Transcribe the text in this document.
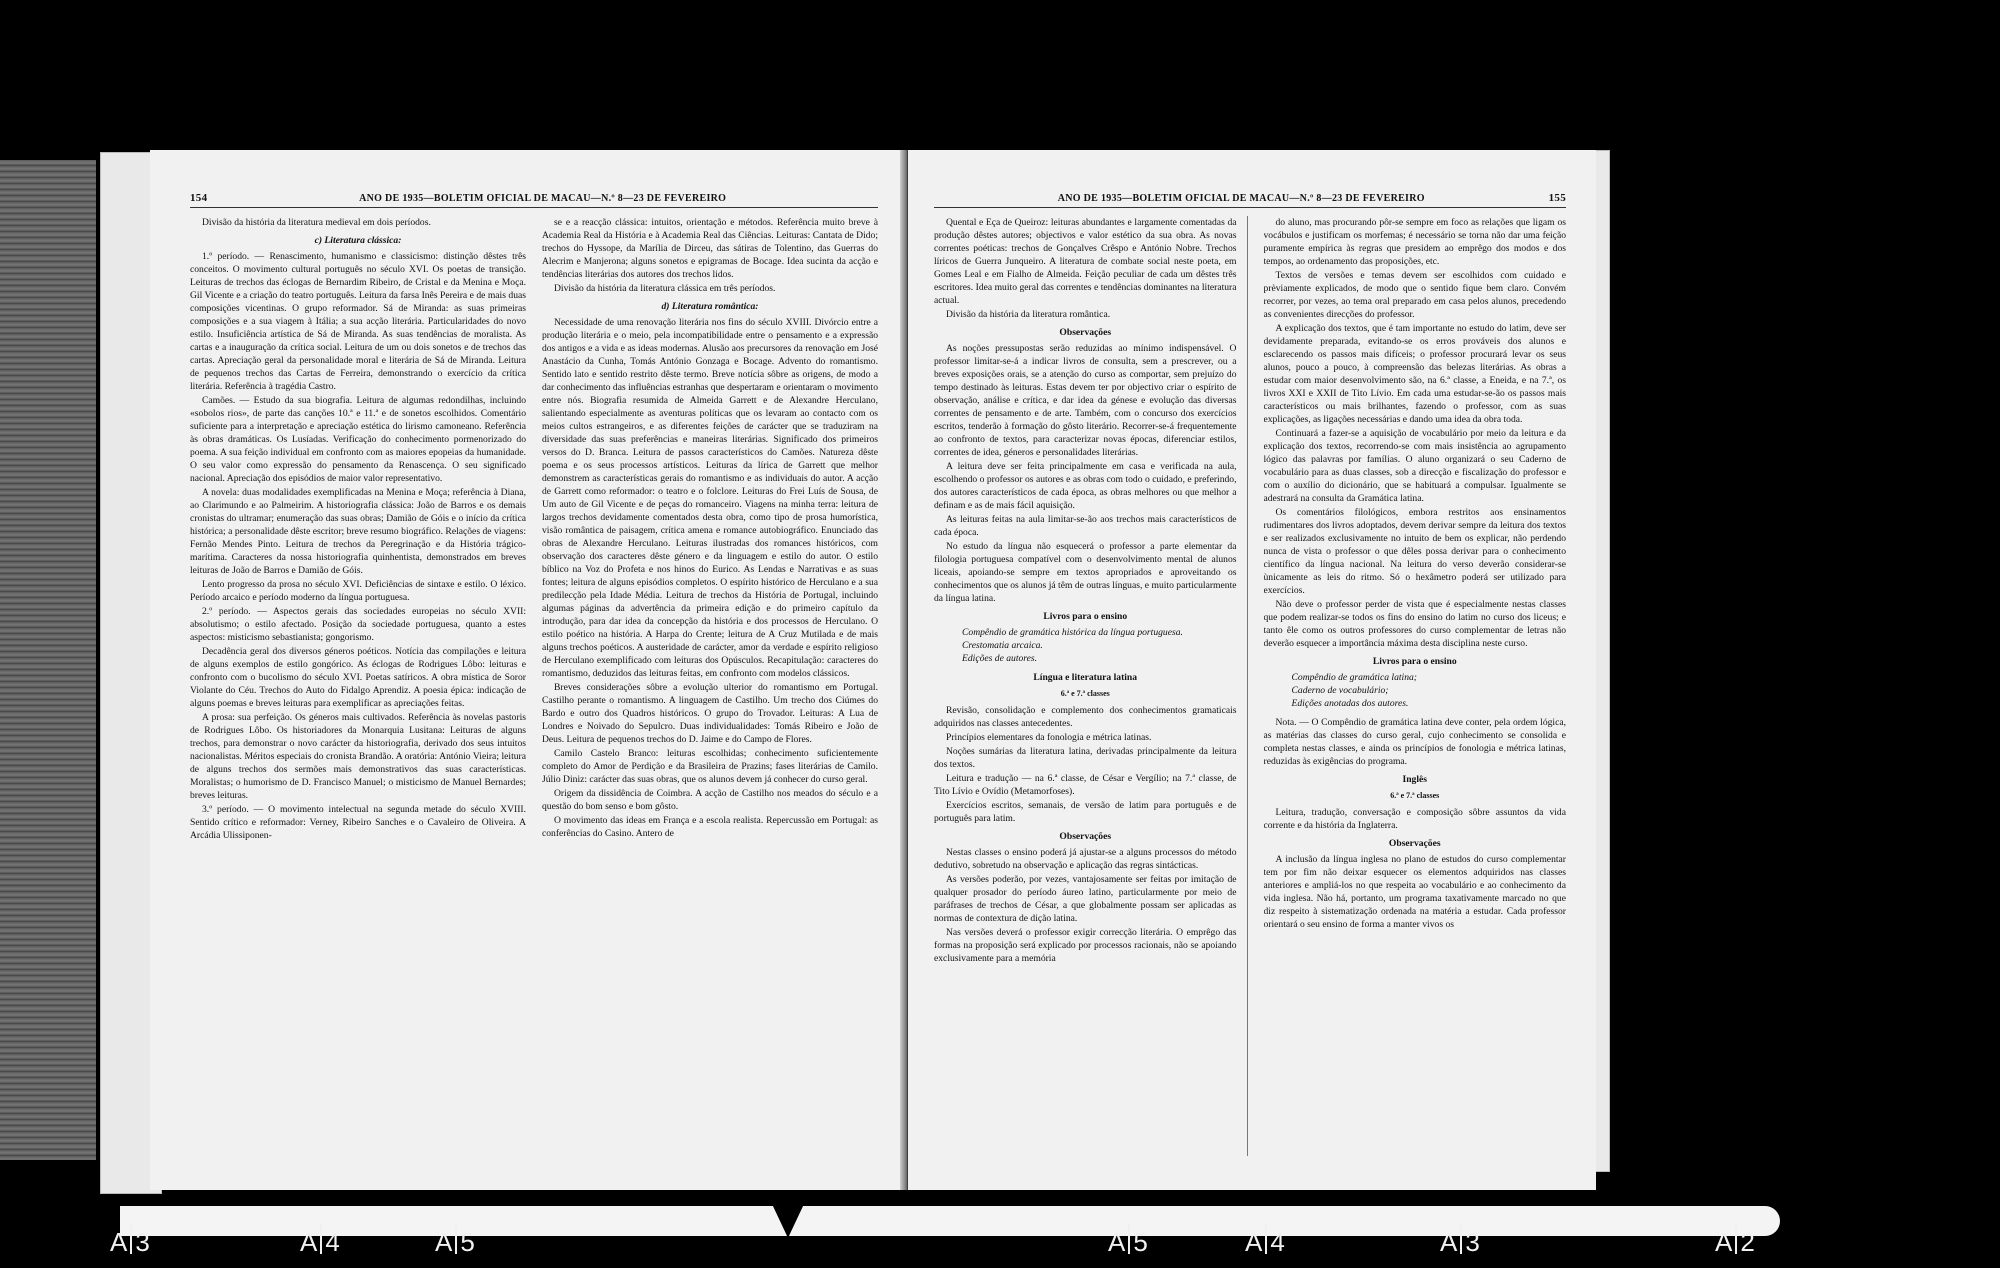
154	ANO DE 1935—BOLETIM OFICIAL DE MACAU—N.º 8—23 DE FEVEREIRO

Divisão da história da literatura medieval em dois períodos.

c) Literatura clássica:

1.º período. — Renascimento, humanismo e classicismo: distinção dêstes três conceitos. O movimento cultural português no século XVI. Os poetas de transição. Leituras de trechos das éclogas de Bernardim Ribeiro, de Cristal e da Menina e Moça. Gil Vicente e a criação do teatro português. Leitura da farsa Inês Pereira e de mais duas composições vicentinas. O grupo reformador. Sá de Miranda: as suas primeiras composições e a sua viagem à Itália; a sua acção literária. Particularidades do novo estilo. Insuficiência artística de Sá de Miranda. As suas tendências de moralista. As cartas e a inauguração da crítica social. Leitura de um ou dois sonetos e de trechos das cartas. Apreciação geral da personalidade moral e literária de Sá de Miranda. Leitura de pequenos trechos das Cartas de Ferreira, demonstrando o exercício da crítica literária. Referência à tragédia Castro.

Camões. — Estudo da sua biografia. Leitura de algumas redondilhas, incluindo «sobolos rios», de parte das canções 10.ª e 11.ª e de sonetos escolhidos. Comentário suficiente para a interpretação e apreciação estética do lirismo camoneano. Referência às obras dramáticas. Os Lusíadas. Verificação do conhecimento pormenorizado do poema. A sua feição individual em confronto com as maiores epopeias da humanidade. O seu valor como expressão do pensamento da Renascença. O seu significado nacional. Apreciação dos episódios de maior valor representativo.

A novela: duas modalidades exemplificadas na Menina e Moça; referência à Diana, ao Clarimundo e ao Palmeirim. A historiografia clássica: João de Barros e os demais cronistas do ultramar; enumeração das suas obras; Damião de Góis e o início da crítica histórica; a personalidade dêste escritor; breve resumo biográfico. Relações de viagens: Fernão Mendes Pinto. Leitura de trechos da Peregrinação e da História trágico-marítima. Caracteres da nossa historiografia quinhentista, demonstrados em breves leituras de João de Barros e Damião de Góis.

Lento progresso da prosa no século XVI. Deficiências de sintaxe e estilo. O léxico. Período arcaico e período moderno da língua portuguesa.

2.º período. — Aspectos gerais das sociedades europeias no século XVII: absolutismo; o estilo afectado. Posição da sociedade portuguesa, quanto a estes aspectos: misticismo sebastianista; gongorismo.

Decadência geral dos diversos géneros poéticos. Notícia das compilações e leitura de alguns exemplos de estilo gongórico. As éclogas de Rodrigues Lôbo: leituras e confronto com o bucolismo do século XVI. Poetas satíricos. A obra mística de Soror Violante do Céu. Trechos do Auto do Fidalgo Aprendiz. A poesia épica: indicação de alguns poemas e breves leituras para exemplificar as apreciações feitas.

A prosa: sua perfeição. Os géneros mais cultivados. Referência às novelas pastoris de Rodrigues Lôbo. Os historiadores da Monarquia Lusitana: Leituras de alguns trechos, para demonstrar o novo carácter da historiografia, derivado dos seus intuitos nacionalistas. Méritos especiais do cronista Brandão. A oratória: António Vieira; leitura de alguns trechos dos sermões mais demonstrativos das suas características. Moralistas; o humorismo de D. Francisco Manuel; o misticismo de Manuel Bernardes; breves leituras.

3.º período. — O movimento intelectual na segunda metade do século XVIII. Sentido crítico e reformador: Verney, Ribeiro Sanches e o Cavaleiro de Oliveira. A Arcádia Ulissiponen-

se e a reacção clássica: intuitos, orientação e métodos. Referência muito breve à Academia Real da História e à Academia Real das Ciências. Leituras: Cantata de Dido; trechos do Hyssope, da Marília de Dirceu, das sátiras de Tolentino, das Guerras do Alecrim e Manjerona; alguns sonetos e epigramas de Bocage. Idea sucinta da acção e tendências literárias dos autores dos trechos lidos.

Divisão da história da literatura clássica em três períodos.

d) Literatura romântica:

Necessidade de uma renovação literária nos fins do século XVIII. Divórcio entre a produção literária e o meio, pela incompatibilidade entre o pensamento e a expressão dos antigos e a vida e as ideas modernas. Alusão aos precursores da renovação em José Anastácio da Cunha, Tomás António Gonzaga e Bocage. Advento do romantismo. Sentido lato e sentido restrito dêste termo. Breve notícia sôbre as origens, de modo a dar conhecimento das influências estranhas que despertaram e orientaram o movimento entre nós. Biografia resumida de Almeida Garrett e de Alexandre Herculano, salientando especialmente as aventuras políticas que os levaram ao contacto com os meios cultos estrangeiros, e as diferentes feições de carácter que se traduziram na diversidade das suas preferências e maneiras literárias. Significado dos primeiros versos do D. Branca. Leitura de passos característicos do Camões. Natureza dêste poema e os seus processos artísticos. Leituras da lírica de Garrett que melhor demonstrem as características gerais do romantismo e as individuais do autor. A acção de Garrett como reformador: o teatro e o folclore. Leituras do Frei Luís de Sousa, de Um auto de Gil Vicente e de peças do romanceiro. Viagens na minha terra: leitura de largos trechos devidamente comentados desta obra, como tipo de prosa humorística, visão romântica de paisagem, crítica amena e romance autobiográfico. Enunciado das obras de Alexandre Herculano. Leituras ilustradas dos romances históricos, com observação dos caracteres dêste género e da linguagem e estilo do autor. O estilo bíblico na Voz do Profeta e nos hinos do Eurico. As Lendas e Narrativas e as suas fontes; leitura de alguns episódios completos. O espírito histórico de Herculano e a sua predilecção pela Idade Média. Leitura de trechos da História de Portugal, incluindo algumas páginas da advertência da primeira edição e do primeiro capítulo da introdução, para dar idea da concepção da história e dos processos de Herculano. O estilo poético na história. A Harpa do Crente; leitura de A Cruz Mutilada e de mais alguns trechos poéticos. A austeridade de carácter, amor da verdade e espírito religioso de Herculano exemplificado com leituras dos Opúsculos. Recapitulação: caracteres do romantismo, deduzidos das leituras feitas, em confronto com modelos clássicos.

Breves considerações sôbre a evolução ulterior do romantismo em Portugal. Castilho perante o romantismo. A linguagem de Castilho. Um trecho dos Ciúmes do Bardo e outro dos Quadros históricos. O grupo do Trovador. Leituras: A Lua de Londres e Noivado do Sepulcro. Duas individualidades: Tomás Ribeiro e João de Deus. Leitura de pequenos trechos do D. Jaime e do Campo de Flores.

Camilo Castelo Branco: leituras escolhidas; conhecimento suficientemente completo do Amor de Perdição e da Brasileira de Prazins; fases literárias de Camilo. Júlio Diniz: carácter das suas obras, que os alunos devem já conhecer do curso geral.

Origem da dissidência de Coimbra. A acção de Castilho nos meados do século e a questão do bom senso e bom gôsto.

O movimento das ideas em França e a escola realista. Repercussão em Portugal: as conferências do Casino. Antero de

ANO DE 1935—BOLETIM OFICIAL DE MACAU—N.º 8—23 DE FEVEREIRO	155

Quental e Eça de Queiroz: leituras abundantes e largamente comentadas da produção dêstes autores; objectivos e valor estético da sua obra. As novas correntes poéticas: trechos de Gonçalves Crêspo e António Nobre. Trechos líricos de Guerra Junqueiro. A literatura de combate social neste poeta, em Gomes Leal e em Fialho de Almeida. Feição peculiar de cada um dêstes três escritores. Idea muito geral das correntes e tendências dominantes na literatura actual.

Divisão da história da literatura romântica.

Observações

As noções pressupostas serão reduzidas ao mínimo indispensável. O professor limitar-se-á a indicar livros de consulta, sem a prescrever, ou a breves exposições orais, se a atenção do curso as comportar, sem prejuízo do tempo destinado às leituras. Estas devem ter por objectivo criar o espírito de observação, análise e crítica, e dar idea da génese e evolução das diversas correntes de pensamento e de arte. Também, com o concurso dos exercícios escritos, tenderão à formação do gôsto literário. Recorrer-se-á frequentemente ao confronto de textos, para caracterizar novas épocas, diferenciar estilos, correntes de idea, géneros e personalidades literárias.

A leitura deve ser feita principalmente em casa e verificada na aula, escolhendo o professor os autores e as obras com todo o cuidado, e preferindo, dos autores característicos de cada época, as obras melhores ou que melhor a definam e as de mais fácil aquisição.

As leituras feitas na aula limitar-se-ão aos trechos mais característicos de cada época.

No estudo da língua não esquecerá o professor a parte elementar da filologia portuguesa compatível com o desenvolvimento mental de alunos liceais, apoiando-se sempre em textos apropriados e aproveitando os conhecimentos que os alunos já têm de outras línguas, e muito particularmente da língua latina.

Livros para o ensino
Compêndio de gramática histórica da língua portuguesa.
Crestomatia arcaica.
Edições de autores.
Língua e literatura latina
6.ª e 7.ª classes

Revisão, consolidação e complemento dos conhecimentos gramaticais adquiridos nas classes antecedentes.

Princípios elementares da fonologia e métrica latinas.

Noções sumárias da literatura latina, derivadas principalmente da leitura dos textos.

Leitura e tradução — na 6.ª classe, de César e Vergílio; na 7.ª classe, de Tito Lívio e Ovídio (Metamorfoses).

Exercícios escritos, semanais, de versão de latim para português e de português para latim.

Observações

Nestas classes o ensino poderá já ajustar-se a alguns processos do método dedutivo, sobretudo na observação e aplicação das regras sintácticas.

As versões poderão, por vezes, vantajosamente ser feitas por imitação de qualquer prosador do período áureo latino, particularmente por meio de paráfrases de trechos de César, a que globalmente possam ser aplicadas as normas de contextura de dição latina.

Nas versões deverá o professor exigir correcção literária. O emprêgo das formas na proposição será explicado por processos racionais, não se apoiando exclusivamente para a memória

do aluno, mas procurando pôr-se sempre em foco as relações que ligam os vocábulos e justificam os morfemas; é necessário se torna não dar uma feição puramente empírica às regras que presidem ao emprêgo dos modos e dos tempos, ao ordenamento das proposições, etc.

Textos de versões e temas devem ser escolhidos com cuidado e prèviamente explicados, de modo que o sentido fique bem claro. Convém recorrer, por vezes, ao tema oral preparado em casa pelos alunos, precedendo as convenientes direcções do professor.

A explicação dos textos, que é tam importante no estudo do latim, deve ser devidamente preparada, evitando-se os erros prováveis dos alunos e esclarecendo os passos mais difíceis; o professor procurará levar os seus alunos, pouco a pouco, à compreensão das belezas literárias. As obras a estudar com maior desenvolvimento são, na 6.ª classe, a Eneida, e na 7.ª, os livros XXI e XXII de Tito Lívio. Em cada uma estudar-se-ão os passos mais característicos ou mais brilhantes, fazendo o professor, com as suas explicações, as ligações necessárias e dando uma idea da obra toda.

Continuará a fazer-se a aquisição de vocabulário por meio da leitura e da explicação dos textos, recorrendo-se com mais insistência ao agrupamento lógico das palavras por famílias. O aluno organizará o seu Caderno de vocabulário para as duas classes, sob a direcção e fiscalização do professor e com o auxílio do dicionário, que se habituará a compulsar. Igualmente se adestrará na consulta da Gramática latina.

Os comentários filológicos, embora restritos aos ensinamentos rudimentares dos livros adoptados, devem derivar sempre da leitura dos textos e ser realizados exclusivamente no intuito de bem os explicar, não perdendo nunca de vista o professor o que dêles possa derivar para o conhecimento científico da língua nacional. Na leitura do verso deverão considerar-se ùnicamente as leis do ritmo. Só o hexâmetro poderá ser utilizado para exercícios.

Não deve o professor perder de vista que é especialmente nestas classes que podem realizar-se todos os fins do ensino do latim no curso dos liceus; e tanto êle como os outros professores do curso complementar de letras não deverão esquecer a importância máxima desta disciplina neste curso.

Livros para o ensino
Compêndio de gramática latina;
Caderno de vocabulário;
Edições anotadas dos autores.

Nota. — O Compêndio de gramática latina deve conter, pela ordem lógica, as matérias das classes do curso geral, cujo conhecimento se consolida e completa nestas classes, e ainda os princípios de fonologia e métrica latinas, reduzidas às exigências do programa.

Inglês
6.ª e 7.ª classes

Leitura, tradução, conversação e composição sôbre assuntos da vida corrente e da história da Inglaterra.

Observações

A inclusão da língua inglesa no plano de estudos do curso complementar tem por fim não deixar esquecer os elementos adquiridos nas classes anteriores e ampliá-los no que respeita ao vocabulário e ao conhecimento da vida inglesa. Não há, portanto, um programa taxativamente marcado no que diz respeito à sistematização ordenada na matéria a estudar. Cada professor orientará o seu ensino de forma a manter vivos os

A 3	A 4	A 5	A 5	A 4	A 3	A 2
